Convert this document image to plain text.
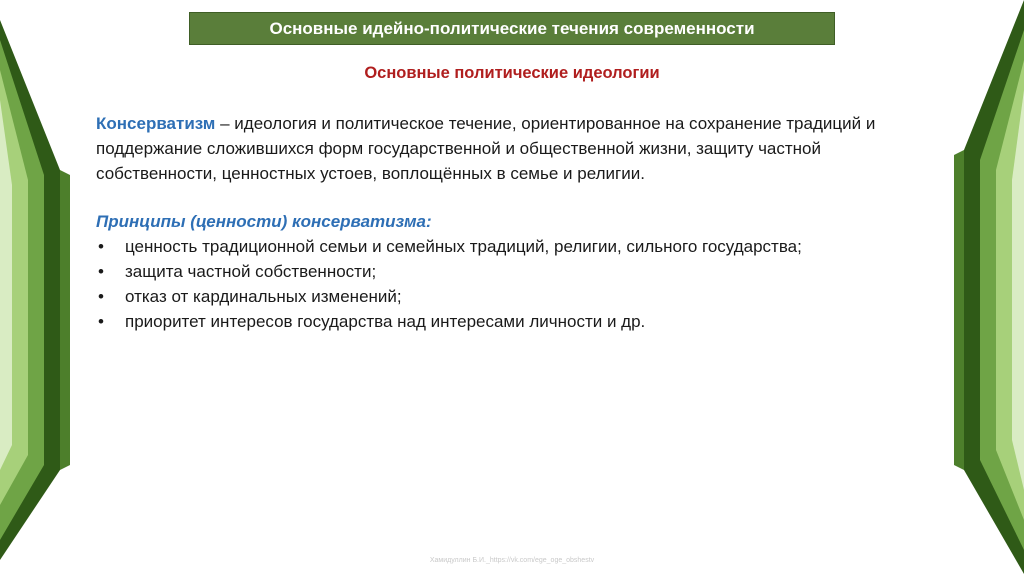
Основные идейно-политические течения современности
Основные политические идеологии
Консерватизм – идеология и политическое течение, ориентированное на сохранение традиций и поддержание сложившихся форм государственной и общественной жизни, защиту частной собственности, ценностных устоев, воплощённых в семье и религии.
Принципы (ценности) консерватизма:
• ценность традиционной семьи и семейных традиций, религии, сильного государства;
• защита частной собственности;
• отказ от кардинальных изменений;
• приоритет интересов государства над интересами личности и др.
Хамидуллин Б.И._https://vk.com/ege_oge_obshestv
